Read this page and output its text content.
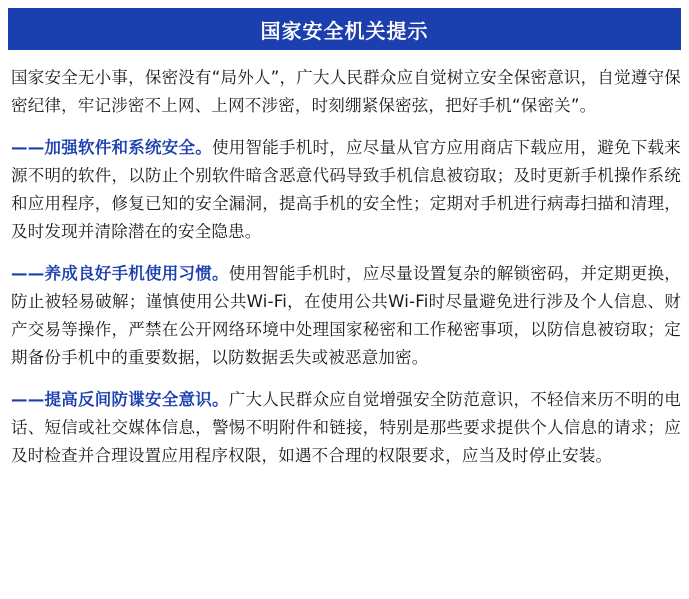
国家安全机关提示

国家安全无小事，保密没有“局外人”，广大人民群众应自觉树立安全保密意识，自觉遵守保密纪律，牢记涉密不上网、上网不涉密，时刻绷紧保密弦，把好手机“保密关”。

——加强软件和系统安全。使用智能手机时，应尽量从官方应用商店下载应用，避免下载来源不明的软件，以防止个别软件暗含恶意代码导致手机信息被窃取；及时更新手机操作系统和应用程序，修复已知的安全漏洞，提高手机的安全性；定期对手机进行病毒扫描和清理，及时发现并清除潜在的安全隐患。

——养成良好手机使用习惯。使用智能手机时，应尽量设置复杂的解锁密码，并定期更换，防止被轻易破解；谨慎使用公共Wi-Fi，在使用公共Wi-Fi时尽量避免进行涉及个人信息、财产交易等操作，严禁在公开网络环境中处理国家秘密和工作秘密事项，以防信息被窃取；定期备份手机中的重要数据，以防数据丢失或被恶意加密。

——提高反间防谍安全意识。广大人民群众应自觉增强安全防范意识，不轻信来历不明的电话、短信或社交媒体信息，警惕不明附件和链接，特别是那些要求提供个人信息的请求；应及时检查并合理设置应用程序权限，如遇不合理的权限要求，应当及时停止安装。
